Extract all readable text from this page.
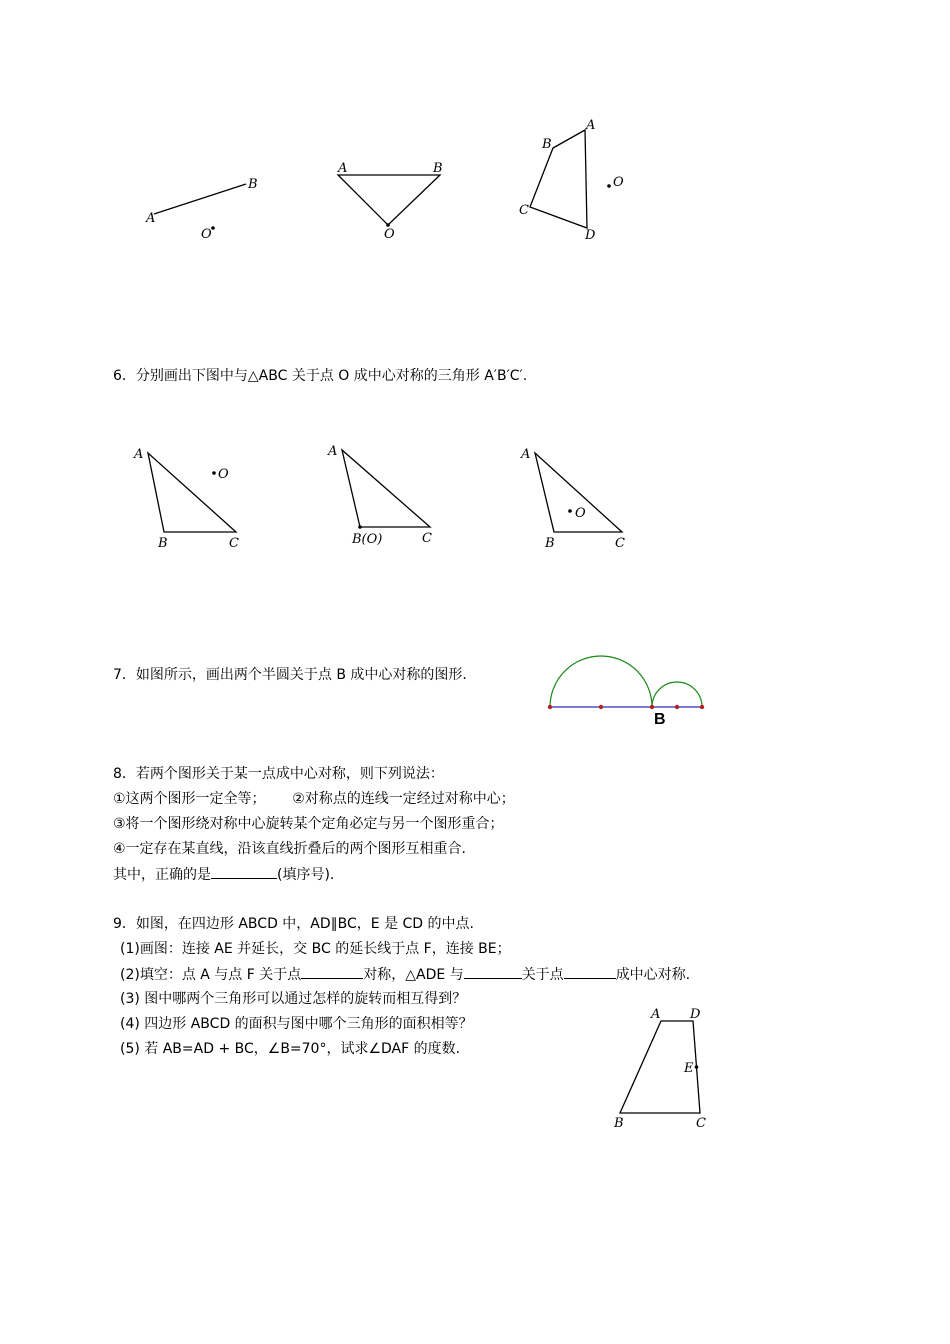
A
B
O
A	B
O
A
B
C
D
O
6．分别画出下图中与△ABC 关于点 O 成中心对称的三角形 A′B′C′.
A
B	C
O
A
B(O)	C
A
B	C
O
7．如图所示，画出两个半圆关于点 B 成中心对称的图形.
B
8．若两个图形关于某一点成中心对称，则下列说法：
①这两个图形一定全等；      ②对称点的连线一定经过对称中心；
③将一个图形绕对称中心旋转某个定角必定与另一个图形重合；
④一定存在某直线，沿该直线折叠后的两个图形互相重合.
其中，正确的是	(填序号).
9．如图，在四边形 ABCD 中，AD∥BC，E 是 CD 的中点.
(1)画图：连接 AE 并延长，交 BC 的延长线于点 F，连接 BE；
(2)填空：点 A 与点 F 关于点	对称，△ADE 与	关于点	成中心对称.
(3) 图中哪两个三角形可以通过怎样的旋转而相互得到？
(4) 四边形 ABCD 的面积与图中哪个三角形的面积相等？
(5) 若 AB=AD + BC，∠B=70°，试求∠DAF 的度数.
A D
E
B	C
